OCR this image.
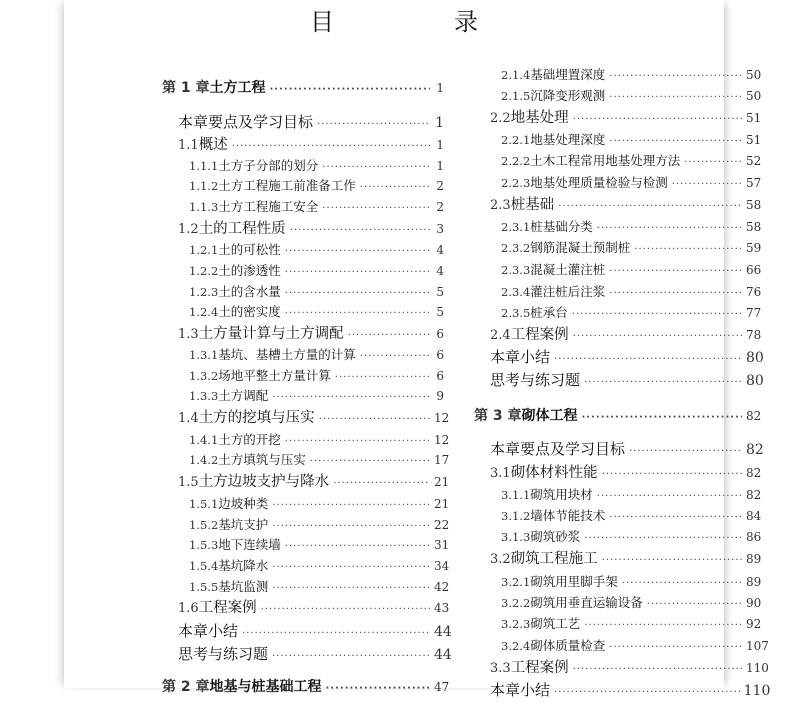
目　录
第 1 章 土方工程 ·····	1
本章要点及学习目标 ·····	1
1.1 概述 ·····	1
1.1.1 土方子分部的划分 ·····	1
1.1.2 土方工程施工前准备工作 ·····	2
1.1.3 土方工程施工安全 ·····	2
1.2 土的工程性质 ·····	3
1.2.1 土的可松性 ·····	4
1.2.2 土的渗透性 ·····	4
1.2.3 土的含水量 ·····	5
1.2.4 土的密实度 ·····	5
1.3 土方量计算与土方调配 ·····	6
1.3.1 基坑、基槽土方量的计算 ·····	6
1.3.2 场地平整土方量计算 ·····	6
1.3.3 土方调配 ·····	9
1.4 土方的挖填与压实 ·····	12
1.4.1 土方的开挖 ·····	12
1.4.2 土方填筑与压实 ·····	17
1.5 土方边坡支护与降水 ·····	21
1.5.1 边坡种类 ·····	21
1.5.2 基坑支护 ·····	22
1.5.3 地下连续墙 ·····	31
1.5.4 基坑降水 ·····	34
1.5.5 基坑监测 ·····	42
1.6 工程案例 ·····	43
本章小结 ·····	44
思考与练习题 ·····	44
第 2 章 地基与桩基础工程 ·····	47
2.1.4 基础埋置深度 ·····	50
2.1.5 沉降变形观测 ·····	50
2.2 地基处理 ·····	51
2.2.1 地基处理深度 ·····	51
2.2.2 土木工程常用地基处理方法 ·····	52
2.2.3 地基处理质量检验与检测 ·····	57
2.3 桩基础 ·····	58
2.3.1 桩基础分类 ·····	58
2.3.2 钢筋混凝土预制桩 ·····	59
2.3.3 混凝土灌注桩 ·····	66
2.3.4 灌注桩后注浆 ·····	76
2.3.5 桩承台 ·····	77
2.4 工程案例 ·····	78
本章小结 ·····	80
思考与练习题 ·····	80
第 3 章 砌体工程 ·····	82
本章要点及学习目标 ·····	82
3.1 砌体材料性能 ·····	82
3.1.1 砌筑用块材 ·····	82
3.1.2 墙体节能技术 ·····	84
3.1.3 砌筑砂浆 ·····	86
3.2 砌筑工程施工 ·····	89
3.2.1 砌筑用里脚手架 ·····	89
3.2.2 砌筑用垂直运输设备 ·····	90
3.2.3 砌筑工艺 ·····	92
3.2.4 砌体质量检查 ·····	107
3.3 工程案例 ·····	110
本章小结 ·····	110
